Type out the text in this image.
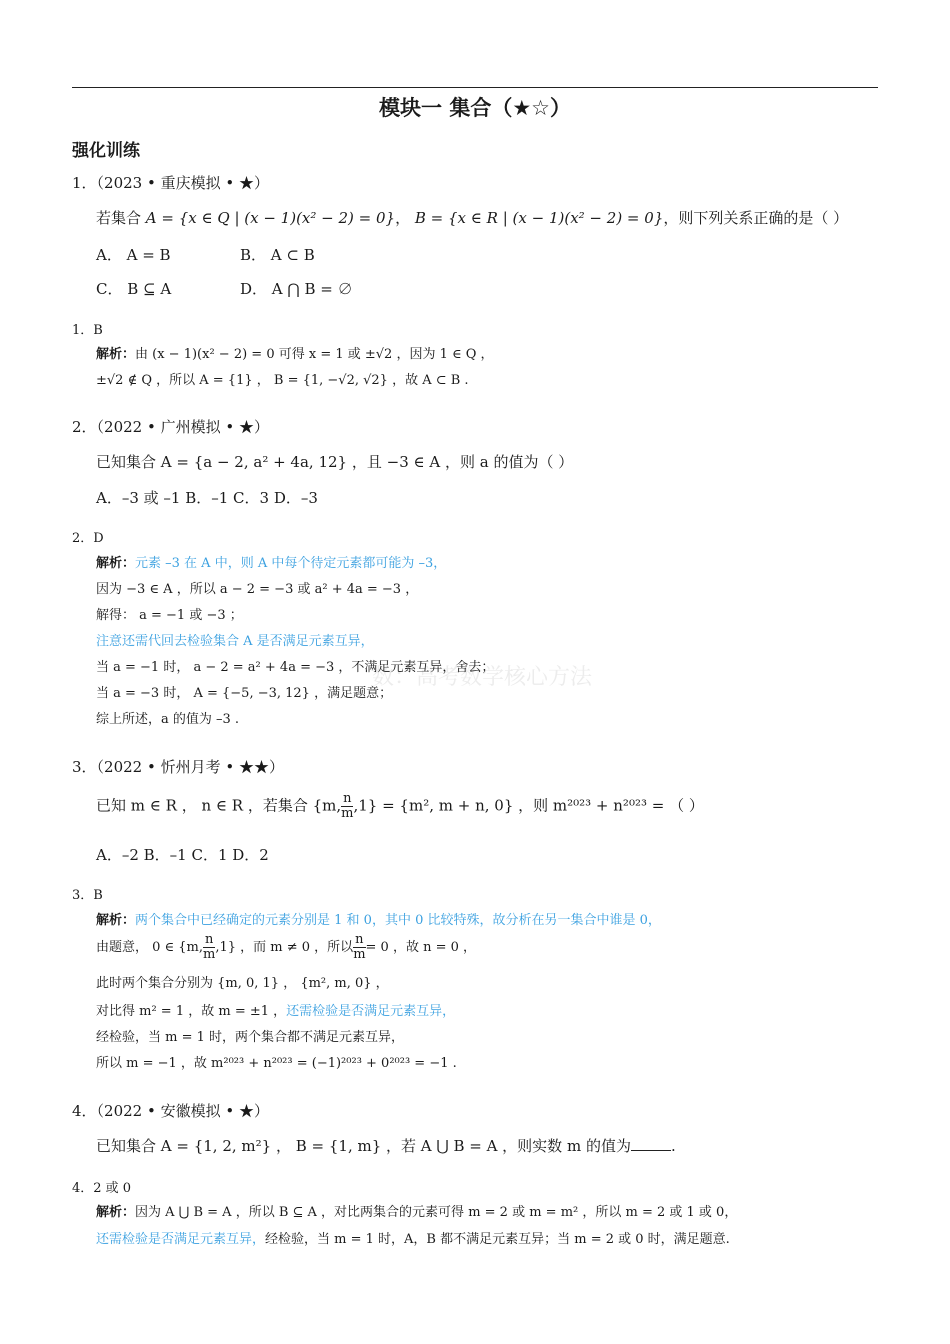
模块一 集合（★☆）
强化训练
数：高考数学核心方法
1．（2023 • 重庆模拟 • ★）
若集合 A = {x ∈ Q | (x − 1)(x² − 2) = 0}， B = {x ∈ R | (x − 1)(x² − 2) = 0}，则下列关系正确的是（ ）
A． A = B	B． A ⊂ B
C． B ⊆ A	D． A ⋂ B = ∅
1．B
解析：由 (x − 1)(x² − 2) = 0 可得 x = 1 或 ±√2 ，因为 1 ∈ Q ，
±√2 ∉ Q ，所以 A = {1} ， B = {1, −√2, √2} ，故 A ⊂ B .
2．（2022 • 广州模拟 • ★）
已知集合 A = {a − 2, a² + 4a, 12} ，且 −3 ∈ A ，则 a 的值为（ ）
A．–3 或 –1 B．–1 C．3 D．–3
2．D
解析：元素 –3 在 A 中，则 A 中每个待定元素都可能为 –3，
因为 −3 ∈ A ，所以 a − 2 = −3 或 a² + 4a = −3 ，
解得： a = −1 或 −3 ；
注意还需代回去检验集合 A 是否满足元素互异，
当 a = −1 时， a − 2 = a² + 4a = −3 ，不满足元素互异，舍去；
当 a = −3 时， A = {−5, −3, 12} ，满足题意；
综上所述，a 的值为 –3 .
3．（2022 • 忻州月考 • ★★）
已知 m ∈ R ， n ∈ R ，若集合 {m, $\frac{n}{m} ,1\} = \{m^2$, m + n, 0} ，则 m²⁰²³ + n²⁰²³ = （ ）
A．–2 B．–1 C．1 D．2
3．B
解析：两个集合中已经确定的元素分别是 1 和 0，其中 0 比较特殊，故分析在另一集合中谁是 0，
由题意， 0 ∈ {m, $\frac{n}{m} ,1$} ，而 m ≠ 0 ，所以 $\frac{n}{m} = 0$ ，故 n = 0 ，
此时两个集合分别为 {m, 0, 1} ， {m², m, 0} ，
对比得 m² = 1 ，故 m = ±1 ，还需检验是否满足元素互异，
经检验，当 m = 1 时，两个集合都不满足元素互异，
所以 m = −1 ，故 m²⁰²³ + n²⁰²³ = (−1)²⁰²³ + 0²⁰²³ = −1 .
4．（2022 • 安徽模拟 • ★）
已知集合 A = {1, 2, m²} ， B = {1, m} ，若 A ⋃ B = A ，则实数 m 的值为	.
4．2 或 0
解析：因为 A ⋃ B = A ，所以 B ⊆ A ，对比两集合的元素可得 m = 2 或 m = m² ，所以 m = 2 或 1 或 0，
还需检验是否满足元素互异，经检验，当 m = 1 时，A，B 都不满足元素互异；当 m = 2 或 0 时，满足题意.
